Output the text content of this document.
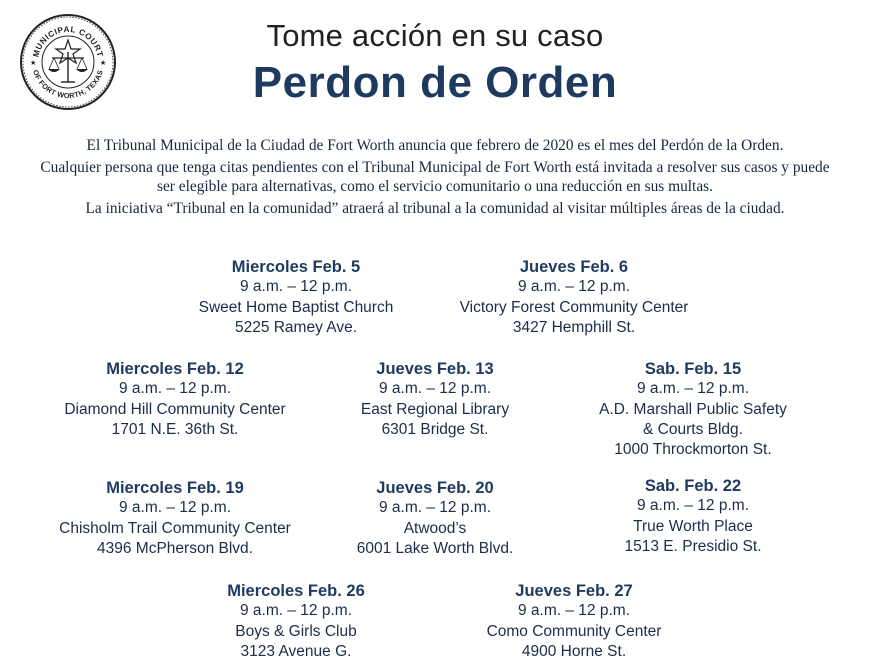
MUNICIPAL COURT
OF FORT WORTH, TEXAS
★	★
Tome acción en su caso
Perdon de Orden

El Tribunal Municipal de la Ciudad de Fort Worth anuncia que febrero de 2020 es el mes del Perdón de la Orden.

Cualquier persona que tenga citas pendientes con el Tribunal Municipal de Fort Worth está invitada a resolver sus casos y puede ser elegible para alternativas, como el servicio comunitario o una reducción en sus multas.

La iniciativa “Tribunal en la comunidad” atraerá al tribunal a la comunidad al visitar múltiples áreas de la ciudad.

Miercoles Feb. 5
9 a.m. – 12 p.m.
Sweet Home Baptist Church
5225 Ramey Ave.
Jueves Feb. 6
9 a.m. – 12 p.m.
Victory Forest Community Center
3427 Hemphill St.
Miercoles Feb. 12
9 a.m. – 12 p.m.
Diamond Hill Community Center
1701 N.E. 36th St.
Jueves Feb. 13
9 a.m. – 12 p.m.
East Regional Library
6301 Bridge St.
Sab. Feb. 15
9 a.m. – 12 p.m.
A.D. Marshall Public Safety
& Courts Bldg.
1000 Throckmorton St.
Miercoles Feb. 19
9 a.m. – 12 p.m.
Chisholm Trail Community Center
4396 McPherson Blvd.
Jueves Feb. 20
9 a.m. – 12 p.m.
Atwood’s
6001 Lake Worth Blvd.
Sab. Feb. 22
9 a.m. – 12 p.m.
True Worth Place
1513 E. Presidio St.
Miercoles Feb. 26
9 a.m. – 12 p.m.
Boys & Girls Club
3123 Avenue G.
Jueves Feb. 27
9 a.m. – 12 p.m.
Como Community Center
4900 Horne St.
